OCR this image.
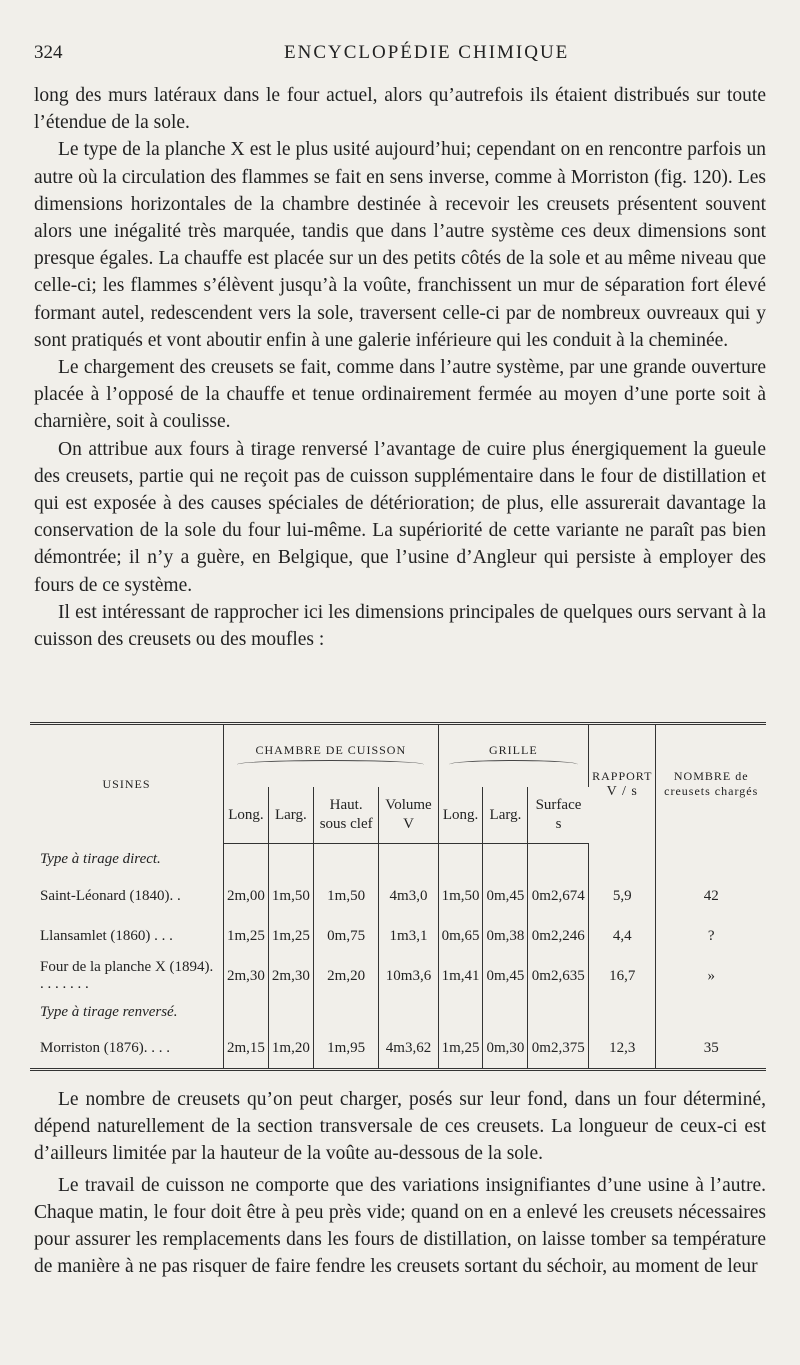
324	ENCYCLOPÉDIE CHIMIQUE

long des murs latéraux dans le four actuel, alors qu’autrefois ils étaient distribués sur toute l’étendue de la sole.

Le type de la planche X est le plus usité aujourd’hui; cependant on en rencontre parfois un autre où la circulation des flammes se fait en sens inverse, comme à Morriston (fig. 120). Les dimensions horizontales de la chambre destinée à recevoir les creusets présentent souvent alors une inégalité très marquée, tandis que dans l’autre système ces deux dimensions sont presque égales. La chauffe est placée sur un des petits côtés de la sole et au même niveau que celle-ci; les flammes s’élèvent jusqu’à la voûte, franchissent un mur de séparation fort élevé formant autel, redescendent vers la sole, traversent celle-ci par de nombreux ouvreaux qui y sont pratiqués et vont aboutir enfin à une galerie inférieure qui les conduit à la cheminée.

Le chargement des creusets se fait, comme dans l’autre système, par une grande ouverture placée à l’opposé de la chauffe et tenue ordinairement fermée au moyen d’une porte soit à charnière, soit à coulisse.

On attribue aux fours à tirage renversé l’avantage de cuire plus énergiquement la gueule des creusets, partie qui ne reçoit pas de cuisson supplémentaire dans le four de distillation et qui est exposée à des causes spéciales de détérioration; de plus, elle assurerait davantage la conservation de la sole du four lui-même. La supériorité de cette variante ne paraît pas bien démontrée; il n’y a guère, en Belgique, que l’usine d’Angleur qui persiste à employer des fours de ce système.

Il est intéressant de rapprocher ici les dimensions principales de quelques ours servant à la cuisson des creusets ou des moufles :

USINES	CHAMBRE DE CUISSON				GRILLE			RAPPORT
V / s	NOMBRE de creusets chargés
	Long.	Larg.	Haut. sous clef	Volume V	Long.	Larg.	Surface s		
Type à tirage direct.									
Saint-Léonard (1840). .	2m,00	1m,50	1m,50	4m3,0	1m,50	0m,45	0m2,674	5,9	42
Llansamlet (1860) . . .	1m,25	1m,25	0m,75	1m3,1	0m,65	0m,38	0m2,246	4,4	?
Four de la planche X (1894). . . . . . . .	2m,30	2m,30	2m,20	10m3,6	1m,41	0m,45	0m2,635	16,7	»
Type à tirage renversé.									
Morriston (1876). . . .	2m,15	1m,20	1m,95	4m3,62	1m,25	0m,30	0m2,375	12,3	35

Le nombre de creusets qu’on peut charger, posés sur leur fond, dans un four déterminé, dépend naturellement de la section transversale de ces creusets. La longueur de ceux-ci est d’ailleurs limitée par la hauteur de la voûte au-dessous de la sole.

Le travail de cuisson ne comporte que des variations insignifiantes d’une usine à l’autre. Chaque matin, le four doit être à peu près vide; quand on en a enlevé les creusets nécessaires pour assurer les remplacements dans les fours de distillation, on laisse tomber sa température de manière à ne pas risquer de faire fendre les creusets sortant du séchoir, au moment de leur
